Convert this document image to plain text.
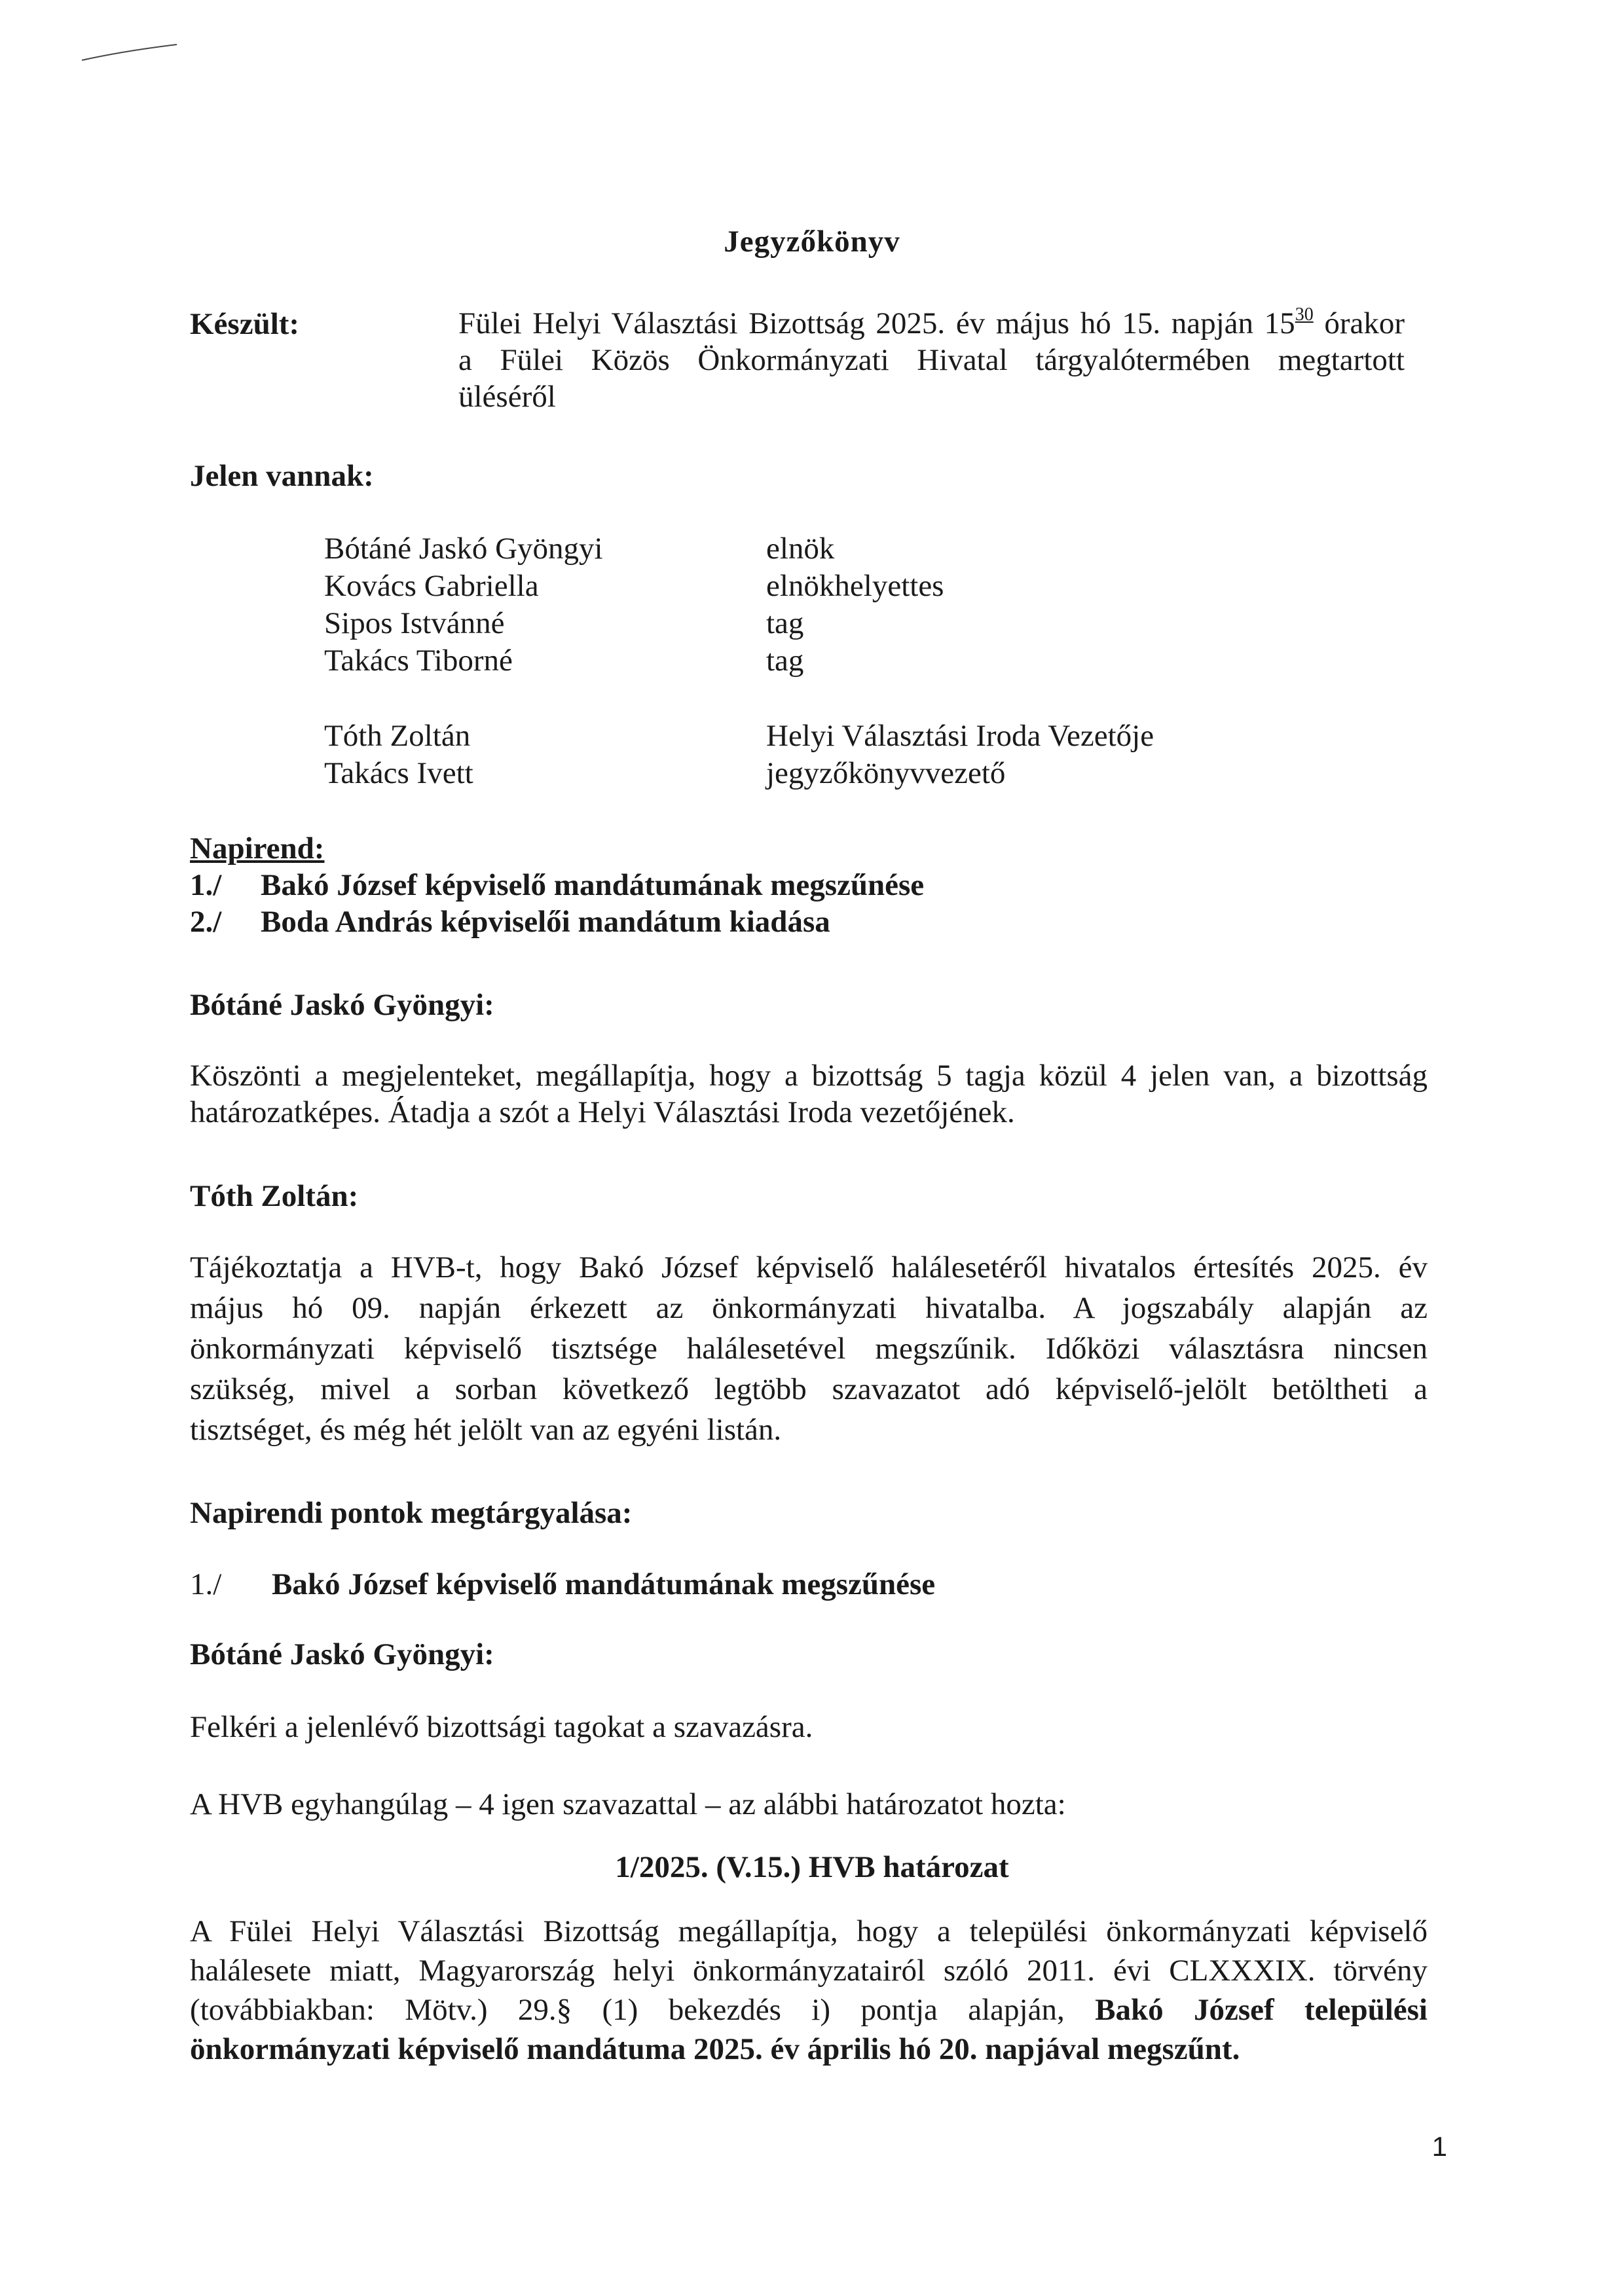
Jegyzőkönyv
Készült:	Fülei Helyi Választási Bizottság 2025. év május hó 15. napján $15^{30}$ órakor
a Fülei Közös Önkormányzati Hivatal tárgyalótermében megtartott
üléséről
Jelen vannak:
Bótáné Jaskó Gyöngyi	elnök
Kovács Gabriella	elnökhelyettes
Sipos Istvánné	tag
Takács Tiborné	tag
Tóth Zoltán	Helyi Választási Iroda Vezetője
Takács Ivett	jegyzőkönyvvezető
Napirend:
1./	Bakó József képviselő mandátumának megszűnése
2./	Boda András képviselői mandátum kiadása
Bótáné Jaskó Gyöngyi:
Köszönti a megjelenteket, megállapítja, hogy a bizottság 5 tagja közül 4 jelen van, a bizottság
határozatképes. Átadja a szót a Helyi Választási Iroda vezetőjének.
Tóth Zoltán:
Tájékoztatja a HVB-t, hogy Bakó József képviselő halálesetéről hivatalos értesítés 2025. év
május hó 09. napján érkezett az önkormányzati hivatalba. A jogszabály alapján az
önkormányzati képviselő tisztsége halálesetével megszűnik. Időközi választásra nincsen
szükség, mivel a sorban következő legtöbb szavazatot adó képviselő-jelölt betöltheti a
tisztséget, és még hét jelölt van az egyéni listán.
Napirendi pontok megtárgyalása:
1./	Bakó József képviselő mandátumának megszűnése
Bótáné Jaskó Gyöngyi:
Felkéri a jelenlévő bizottsági tagokat a szavazásra.
A HVB egyhangúlag – 4 igen szavazattal – az alábbi határozatot hozta:
1/2025. (V.15.) HVB határozat
A Fülei Helyi Választási Bizottság megállapítja, hogy a települési önkormányzati képviselő
halálesete miatt, Magyarország helyi önkormányzatairól szóló 2011. évi CLXXXIX. törvény
(továbbiakban: Mötv.) 29.§ (1) bekezdés i) pontja alapján, Bakó József települési
önkormányzati képviselő mandátuma 2025. év április hó 20. napjával megszűnt.
1
